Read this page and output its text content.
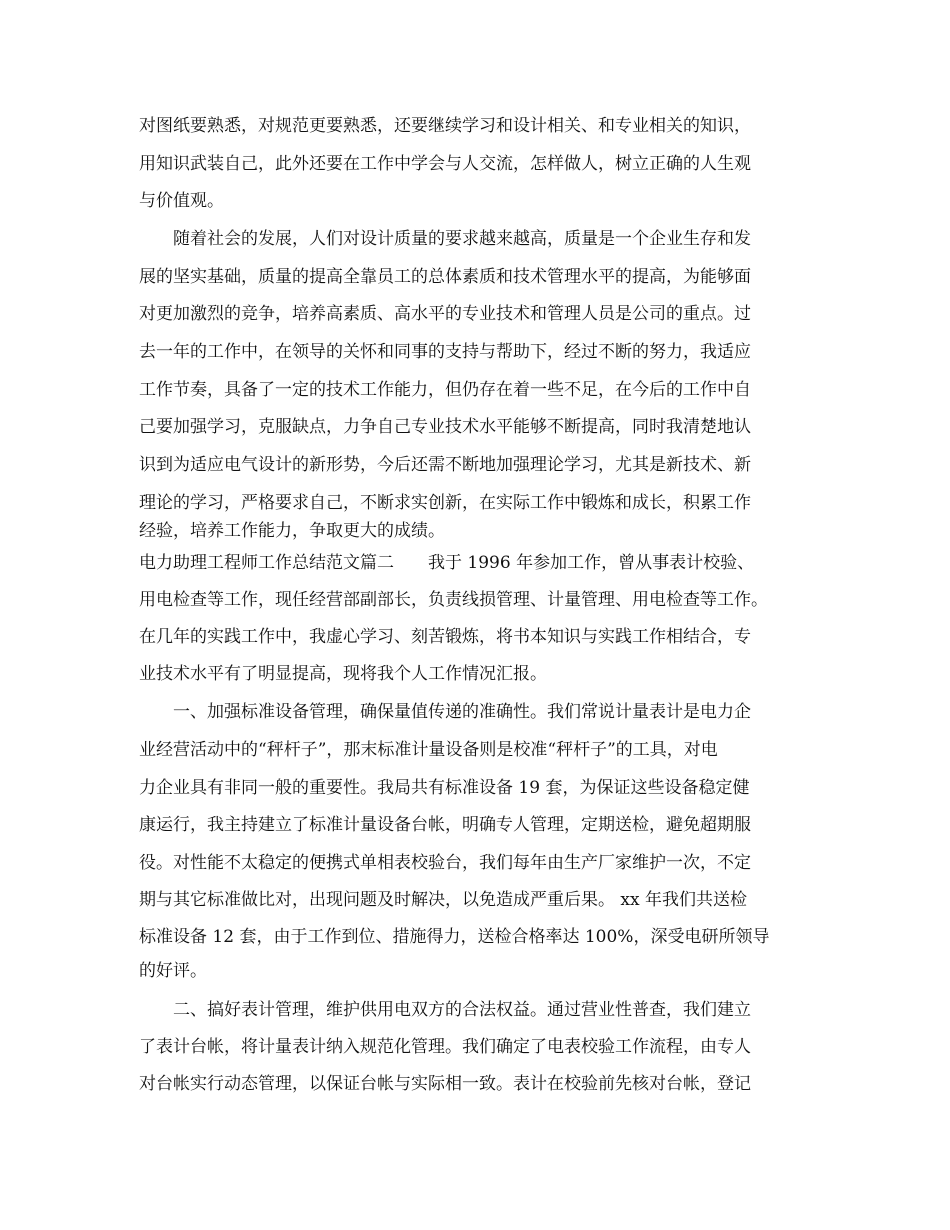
对图纸要熟悉，对规范更要熟悉，还要继续学习和设计相关、和专业相关的知识，
用知识武装自己，此外还要在工作中学会与人交流，怎样做人，树立正确的人生观
与价值观。
随着社会的发展，人们对设计质量的要求越来越高，质量是一个企业生存和发
展的坚实基础，质量的提高全靠员工的总体素质和技术管理水平的提高，为能够面
对更加激烈的竞争，培养高素质、高水平的专业技术和管理人员是公司的重点。过
去一年的工作中，在领导的关怀和同事的支持与帮助下，经过不断的努力，我适应
工作节奏，具备了一定的技术工作能力，但仍存在着一些不足，在今后的工作中自
己要加强学习，克服缺点，力争自己专业技术水平能够不断提高，同时我清楚地认
识到为适应电气设计的新形势，今后还需不断地加强理论学习，尤其是新技术、新
理论的学习，严格要求自己，不断求实创新，在实际工作中锻炼和成长，积累工作
经验，培养工作能力，争取更大的成绩。
电力助理工程师工作总结范文篇二　　我于 1996 年参加工作，曾从事表计校验、
用电检查等工作，现任经营部副部长，负责线损管理、计量管理、用电检查等工作。
在几年的实践工作中，我虚心学习、刻苦锻炼，将书本知识与实践工作相结合，专
业技术水平有了明显提高，现将我个人工作情况汇报。
一、加强标准设备管理，确保量值传递的准确性。我们常说计量表计是电力企
业经营活动中的“秤杆子”，那末标准计量设备则是校准“秤杆子”的工具，对电
力企业具有非同一般的重要性。我局共有标准设备 19 套，为保证这些设备稳定健
康运行，我主持建立了标准计量设备台帐，明确专人管理，定期送检，避免超期服
役。对性能不太稳定的便携式单相表校验台，我们每年由生产厂家维护一次，不定
期与其它标准做比对，出现问题及时解决，以免造成严重后果。 xx 年我们共送检
标准设备 12 套，由于工作到位、措施得力，送检合格率达 100%，深受电研所领导
的好评。
二、搞好表计管理，维护供用电双方的合法权益。通过营业性普查，我们建立
了表计台帐，将计量表计纳入规范化管理。我们确定了电表校验工作流程，由专人
对台帐实行动态管理，以保证台帐与实际相一致。表计在校验前先核对台帐，登记
